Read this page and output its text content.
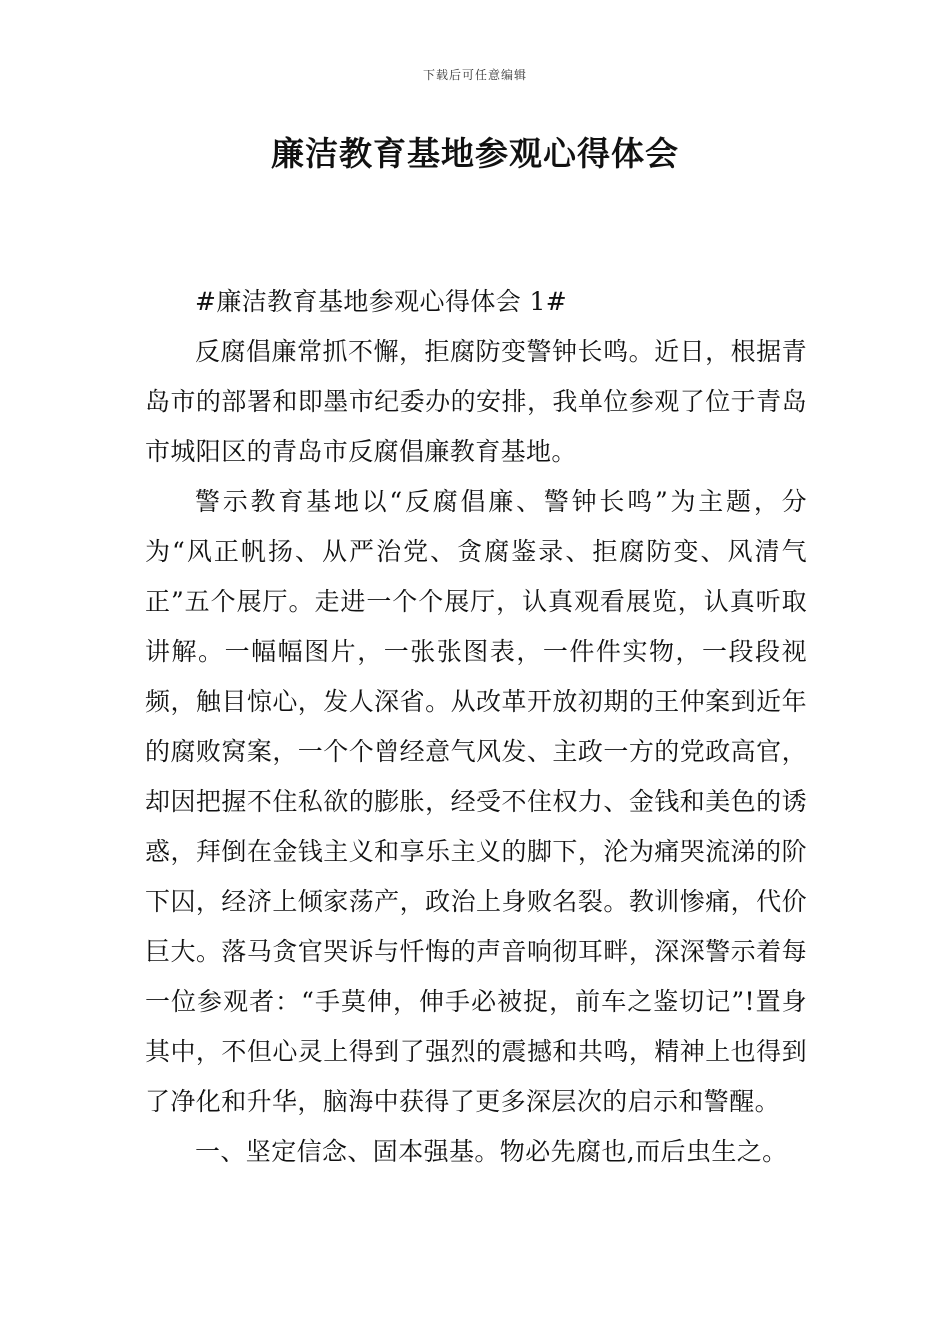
下载后可任意编辑
廉洁教育基地参观心得体会

#廉洁教育基地参观心得体会 1#

反腐倡廉常抓不懈，拒腐防变警钟长鸣。近日，根据青岛市的部署和即墨市纪委办的安排，我单位参观了位于青岛市城阳区的青岛市反腐倡廉教育基地。

警示教育基地以“反腐倡廉、警钟长鸣”为主题，分为“风正帆扬、从严治党、贪腐鉴录、拒腐防变、风清气正”五个展厅。走进一个个展厅，认真观看展览，认真听取讲解。一幅幅图片，一张张图表，一件件实物，一段段视频，触目惊心，发人深省。从改革开放初期的王仲案到近年的腐败窝案，一个个曾经意气风发、主政一方的党政高官，却因把握不住私欲的膨胀，经受不住权力、金钱和美色的诱惑，拜倒在金钱主义和享乐主义的脚下，沦为痛哭流涕的阶下囚，经济上倾家荡产，政治上身败名裂。教训惨痛，代价巨大。落马贪官哭诉与忏悔的声音响彻耳畔，深深警示着每一位参观者：“手莫伸，伸手必被捉，前车之鉴切记”!置身其中，不但心灵上得到了强烈的震撼和共鸣，精神上也得到了净化和升华，脑海中获得了更多深层次的启示和警醒。

一、坚定信念、固本强基。物必先腐也,而后虫生之。
